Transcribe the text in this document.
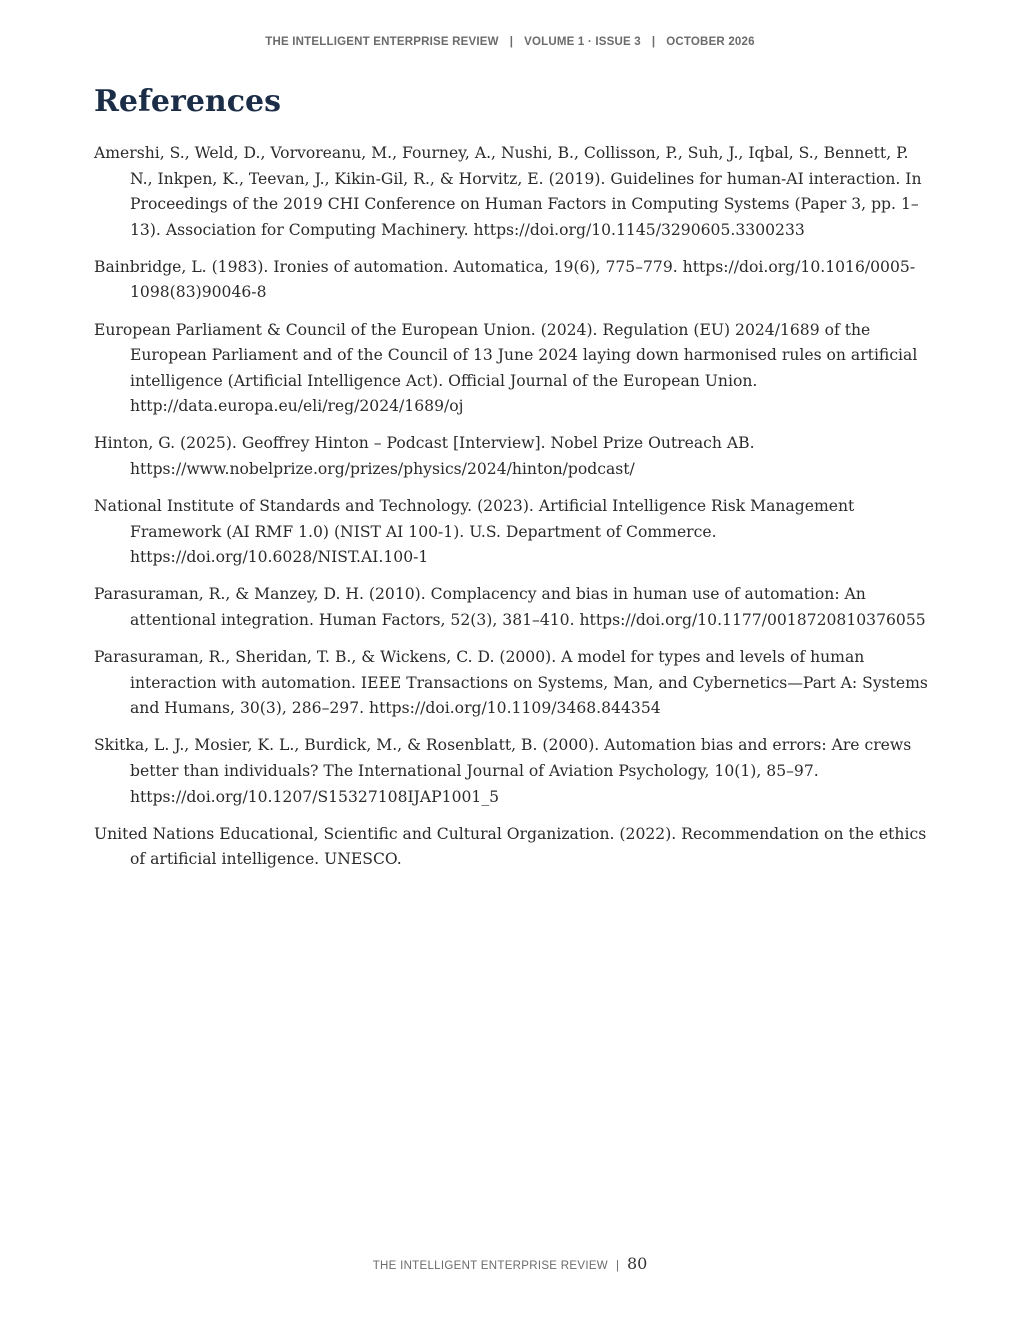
THE INTELLIGENT ENTERPRISE REVIEW | VOLUME 1 · ISSUE 3 | OCTOBER 2026
References
Amershi, S., Weld, D., Vorvoreanu, M., Fourney, A., Nushi, B., Collisson, P., Suh, J., Iqbal, S., Bennett, P. N., Inkpen, K., Teevan, J., Kikin-Gil, R., & Horvitz, E. (2019). Guidelines for human-AI interaction. In Proceedings of the 2019 CHI Conference on Human Factors in Computing Systems (Paper 3, pp. 1–13). Association for Computing Machinery. https://doi.org/10.1145/3290605.3300233
Bainbridge, L. (1983). Ironies of automation. Automatica, 19(6), 775–779. https://doi.org/10.1016/0005-1098(83)90046-8
European Parliament & Council of the European Union. (2024). Regulation (EU) 2024/1689 of the European Parliament and of the Council of 13 June 2024 laying down harmonised rules on artificial intelligence (Artificial Intelligence Act). Official Journal of the European Union. http://data.europa.eu/eli/reg/2024/1689/oj
Hinton, G. (2025). Geoffrey Hinton – Podcast [Interview]. Nobel Prize Outreach AB. https://www.nobelprize.org/prizes/physics/2024/hinton/podcast/
National Institute of Standards and Technology. (2023). Artificial Intelligence Risk Management Framework (AI RMF 1.0) (NIST AI 100-1). U.S. Department of Commerce. https://doi.org/10.6028/NIST.AI.100-1
Parasuraman, R., & Manzey, D. H. (2010). Complacency and bias in human use of automation: An attentional integration. Human Factors, 52(3), 381–410. https://doi.org/10.1177/0018720810376055
Parasuraman, R., Sheridan, T. B., & Wickens, C. D. (2000). A model for types and levels of human interaction with automation. IEEE Transactions on Systems, Man, and Cybernetics—Part A: Systems and Humans, 30(3), 286–297. https://doi.org/10.1109/3468.844354
Skitka, L. J., Mosier, K. L., Burdick, M., & Rosenblatt, B. (2000). Automation bias and errors: Are crews better than individuals? The International Journal of Aviation Psychology, 10(1), 85–97. https://doi.org/10.1207/S15327108IJAP1001_5
United Nations Educational, Scientific and Cultural Organization. (2022). Recommendation on the ethics of artificial intelligence. UNESCO.
THE INTELLIGENT ENTERPRISE REVIEW | 80
